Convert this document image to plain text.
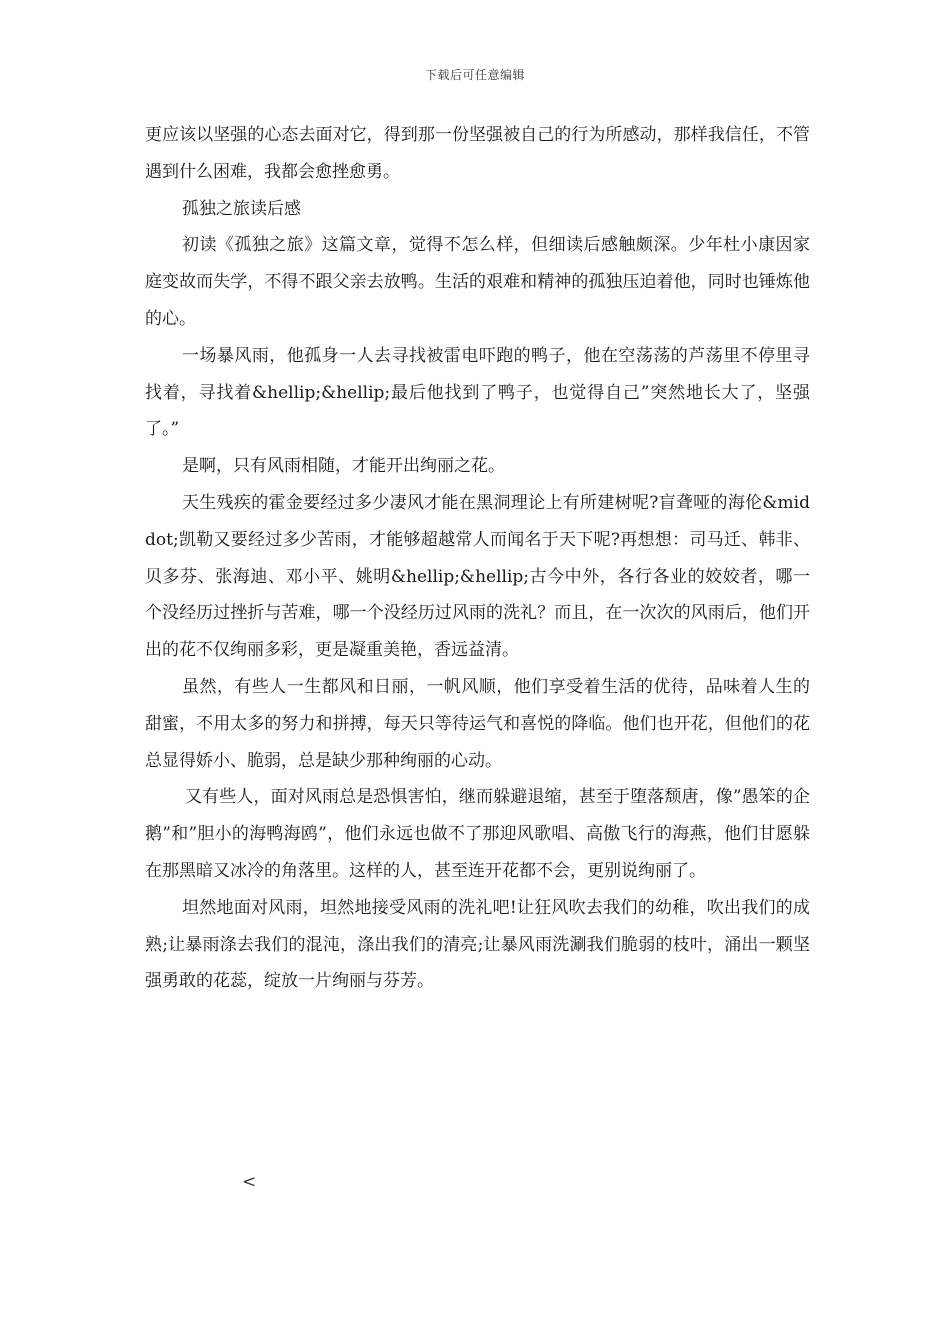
下载后可任意编辑

更应该以坚强的心态去面对它，得到那一份坚强被自己的行为所感动，那样我信任，不管遇到什么困难，我都会愈挫愈勇。

孤独之旅读后感

初读《孤独之旅》这篇文章，觉得不怎么样，但细读后感触颇深。少年杜小康因家庭变故而失学，不得不跟父亲去放鸭。生活的艰难和精神的孤独压迫着他，同时也锤炼他的心。

一场暴风雨，他孤身一人去寻找被雷电吓跑的鸭子，他在空荡荡的芦荡里不停里寻找着，寻找着&hellip;&hellip;最后他找到了鸭子，也觉得自己”突然地长大了，坚强了。”

是啊，只有风雨相随，才能开出绚丽之花。

天生残疾的霍金要经过多少凄风才能在黑洞理论上有所建树呢?盲聋哑的海伦&middot;凯勒又要经过多少苦雨，才能够超越常人而闻名于天下呢?再想想：司马迁、韩非、贝多芬、张海迪、邓小平、姚明&hellip;&hellip;古今中外，各行各业的姣姣者，哪一个没经历过挫折与苦难，哪一个没经历过风雨的洗礼？而且，在一次次的风雨后，他们开出的花不仅绚丽多彩，更是凝重美艳，香远益清。

虽然，有些人一生都风和日丽，一帆风顺，他们享受着生活的优待，品味着人生的甜蜜，不用太多的努力和拼搏，每天只等待运气和喜悦的降临。他们也开花，但他们的花总显得娇小、脆弱，总是缺少那种绚丽的心动。

又有些人，面对风雨总是恐惧害怕，继而躲避退缩，甚至于堕落颓唐，像”愚笨的企鹅”和”胆小的海鸭海鸥”，他们永远也做不了那迎风歌唱、高傲飞行的海燕，他们甘愿躲在那黑暗又冰冷的角落里。这样的人，甚至连开花都不会，更别说绚丽了。

坦然地面对风雨，坦然地接受风雨的洗礼吧!让狂风吹去我们的幼稚，吹出我们的成熟;让暴雨涤去我们的混沌，涤出我们的清亮;让暴风雨洗涮我们脆弱的枝叶，涌出一颗坚强勇敢的花蕊，绽放一片绚丽与芬芳。

<
